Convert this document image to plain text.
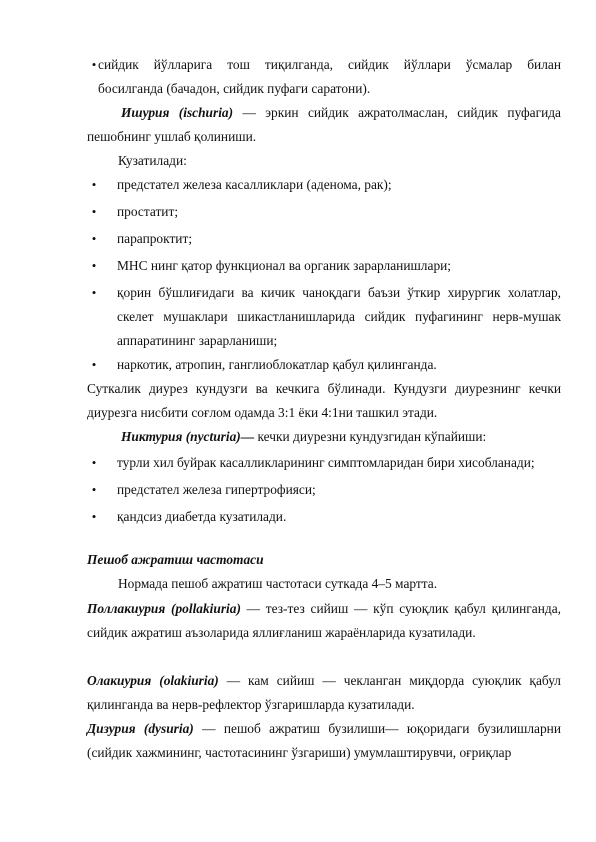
• сийдик йўлларига тош тиқилганда, сийдик йўллари ўсмалар билан
босилганда (бачадон, сийдик пуфаги саратони).

Ишурия (ischuria) — эркин сийдик ажратолмаслан, сийдик пуфагида пешобнинг ушлаб қолиниши.

Кузатилади:

•	предстател железа касалликлари (аденома, рак);
•	простатит;
•	парапроктит;
•	МНС нинг қатор функционал ва органик зарарланишлари;
•	қорин бўшлиғидаги ва кичик чаноқдаги баъзи ўткир хирургик холатлар, скелет мушаклари шикастланишларида сийдик пуфагининг нерв-мушак аппаратининг зарарланиши;
•	наркотик, атропин, ганглиоблокатлар қабул қилинганда.

Суткалик диурез кундузги ва кечкига бўлинади. Кундузги диурезнинг кечки диурезга нисбити соғлом одамда 3:1 ёки 4:1ни ташкил этади.

Никтурия (nycturia)— кечки диурезни кундузгидан кўпайиши:

•	турли хил буйрак касалликларининг симптомларидан бири хисобланади;
•	предстател железа гипертрофияси;
•	қандсиз диабетда кузатилади.

Пешоб ажратиш частотаси

Нормада пешоб ажратиш частотаси суткада 4–5 мартта.

Поллакиурия (pollakiuria) — тез-тез сийиш — кўп суюқлик қабул қилинганда, сийдик ажратиш аъзоларида яллиғланиш жараёнларида кузатилади.

Олакиурия (olakiuria) — кам сийиш — чекланган миқдорда суюқлик қабул қилинганда ва нерв-рефлектор ўзгаришларда кузатилади.

Дизурия (dysuria) — пешоб ажратиш бузилиши— юқоридаги бузилишларни (сийдик хажмининг, частотасининг ўзгариши) умумлаштирувчи, оғриқлар
